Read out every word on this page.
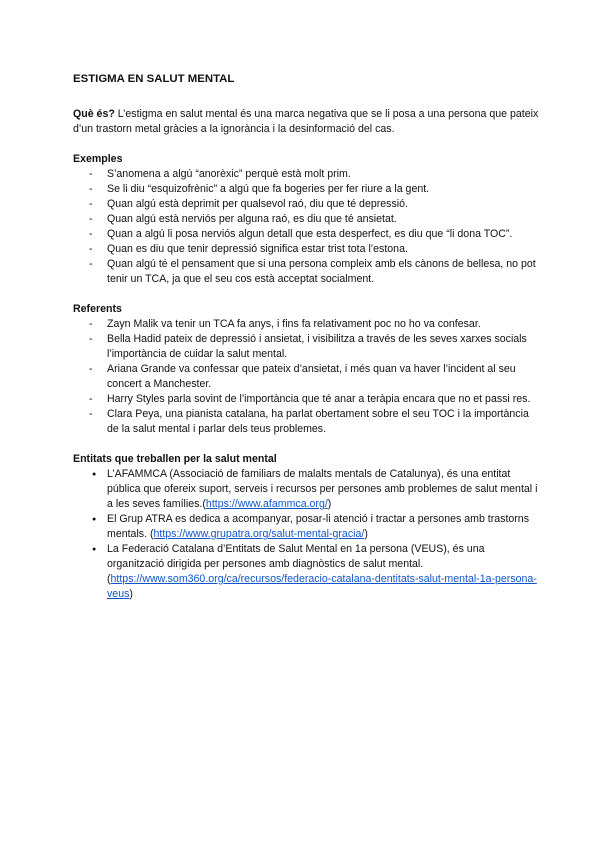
ESTIGMA EN SALUT MENTAL

Què és? L’estigma en salut mental és una marca negativa que se li posa a una persona que pateix d’un trastorn metal gràcies a la ignorància i la desinformació del cas.

Exemples
- S’anomena a algú “anorèxic” perquè està molt prim.
- Se li diu “esquizofrènic” a algú que fa bogeries per fer riure a la gent.
- Quan algú està deprimit per qualsevol raó, diu que té depressió.
- Quan algú està nerviós per alguna raó, es diu que té ansietat.
- Quan a algú li posa nerviós algun detall que esta desperfect, es diu que “li dona TOC”.
- Quan es diu que tenir depressió significa estar trist tota l’estona.
- Quan algú té el pensament que si una persona compleix amb els cànons de bellesa, no pot tenir un TCA, ja que el seu cos està acceptat socialment.
Referents
- Zayn Malik va tenir un TCA fa anys, i fins fa relativament poc no ho va confesar.
- Bella Hadid pateix de depressió i ansietat, i visibilitza a través de les seves xarxes socials l’importància de cuidar la salut mental.
- Ariana Grande va confessar que pateix d’ansietat, i més quan va haver l’incident al seu concert a Manchester.
- Harry Styles parla sovint de l’importància que té anar a teràpia encara que no et passi res.
- Clara Peya, una pianista catalana, ha parlat obertament sobre el seu TOC i la importància de la salut mental i parlar dels teus problemes.
Entitats que treballen per la salut mental
● L’AFAMMCA (Associació de familiars de malalts mentals de Catalunya), és una entitat pública que ofereix suport, serveis i recursos per persones amb problemes de salut mental i a les seves famílies.(https://www.afammca.org/)
● El Grup ATRA es dedica a acompanyar, posar-li atenció i tractar a persones amb trastorns mentals. (https://www.grupatra.org/salut-mental-gracia/)
● La Federació Catalana d’Entitats de Salut Mental en 1a persona (VEUS), és una organització dirigida per persones amb diagnòstics de salut mental. (https://www.som360.org/ca/recursos/federacio-catalana-dentitats-salut-mental-1a-persona-veus)
